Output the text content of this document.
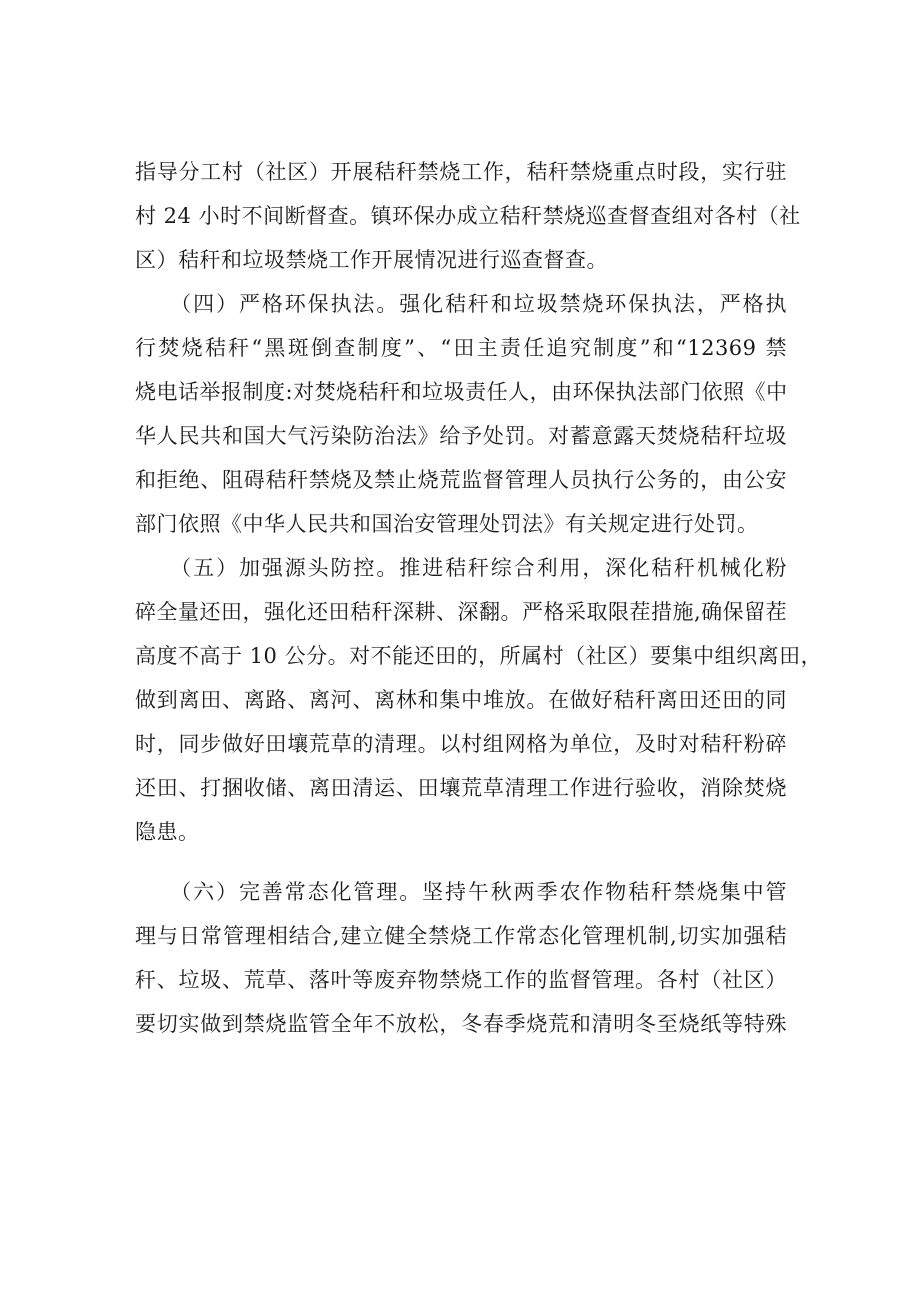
指导分工村（社区）开展秸秆禁烧工作，秸秆禁烧重点时段，实行驻
村 24 小时不间断督查。镇环保办成立秸秆禁烧巡查督查组对各村（社
区）秸秆和垃圾禁烧工作开展情况进行巡查督查。
　　（四）严格环保执法。强化秸秆和垃圾禁烧环保执法，严格执
行焚烧秸秆“黑斑倒查制度”、“田主责任追究制度”和“12369 禁
烧电话举报制度:对焚烧秸秆和垃圾责任人，由环保执法部门依照《中
华人民共和国大气污染防治法》给予处罚。对蓄意露天焚烧秸秆垃圾
和拒绝、阻碍秸秆禁烧及禁止烧荒监督管理人员执行公务的，由公安
部门依照《中华人民共和国治安管理处罚法》有关规定进行处罚。
　　（五）加强源头防控。推进秸秆综合利用，深化秸秆机械化粉
碎全量还田，强化还田秸秆深耕、深翻。严格采取限茬措施,确保留茬
高度不高于 10 公分。对不能还田的，所属村（社区）要集中组织离田，
做到离田、离路、离河、离林和集中堆放。在做好秸秆离田还田的同
时，同步做好田壤荒草的清理。以村组网格为单位，及时对秸秆粉碎
还田、打捆收储、离田清运、田壤荒草清理工作进行验收，消除焚烧
隐患。
　　（六）完善常态化管理。坚持午秋两季农作物秸秆禁烧集中管
理与日常管理相结合,建立健全禁烧工作常态化管理机制,切实加强秸
秆、垃圾、荒草、落叶等废弃物禁烧工作的监督管理。各村（社区）
要切实做到禁烧监管全年不放松，冬春季烧荒和清明冬至烧纸等特殊
